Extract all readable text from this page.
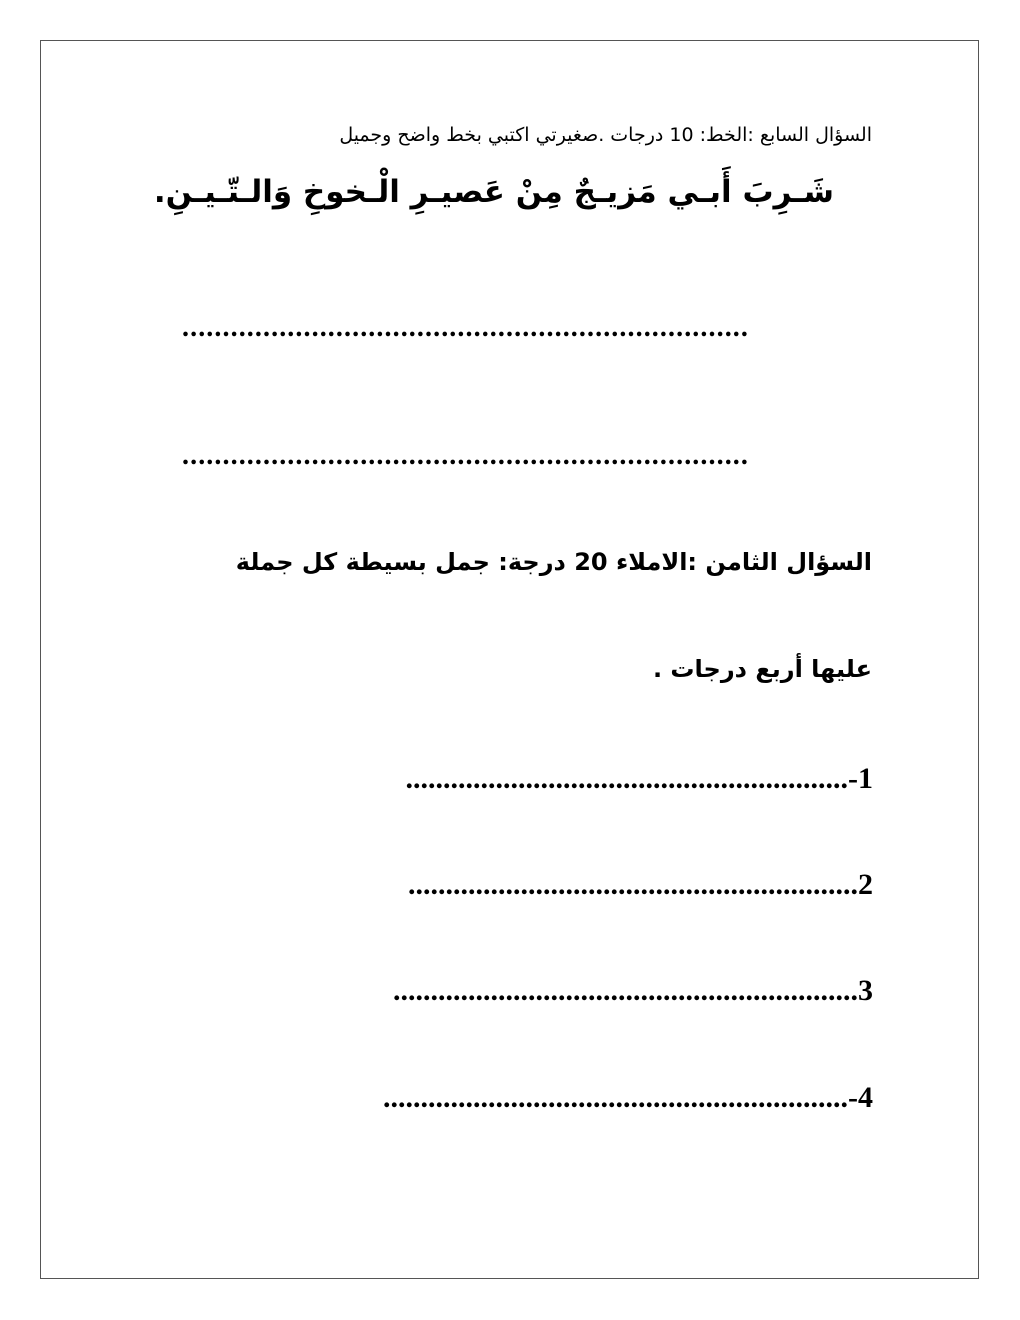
السؤال السابع :الخط: 10 درجات .صغيرتي اكتبي بخط واضح وجميل
شَـرِبَ أَبـي مَزيـجٌ مِنْ عَصيـرِ الْـخوخِ وَالـتّـيـنِ.
......................................................................
......................................................................
السؤال الثامن :الاملاء 20 درجة: جمل بسيطة كل جملة
عليها أربع درجات .
...........................................................-1
............................................................2
..............................................................3
..............................................................-4
